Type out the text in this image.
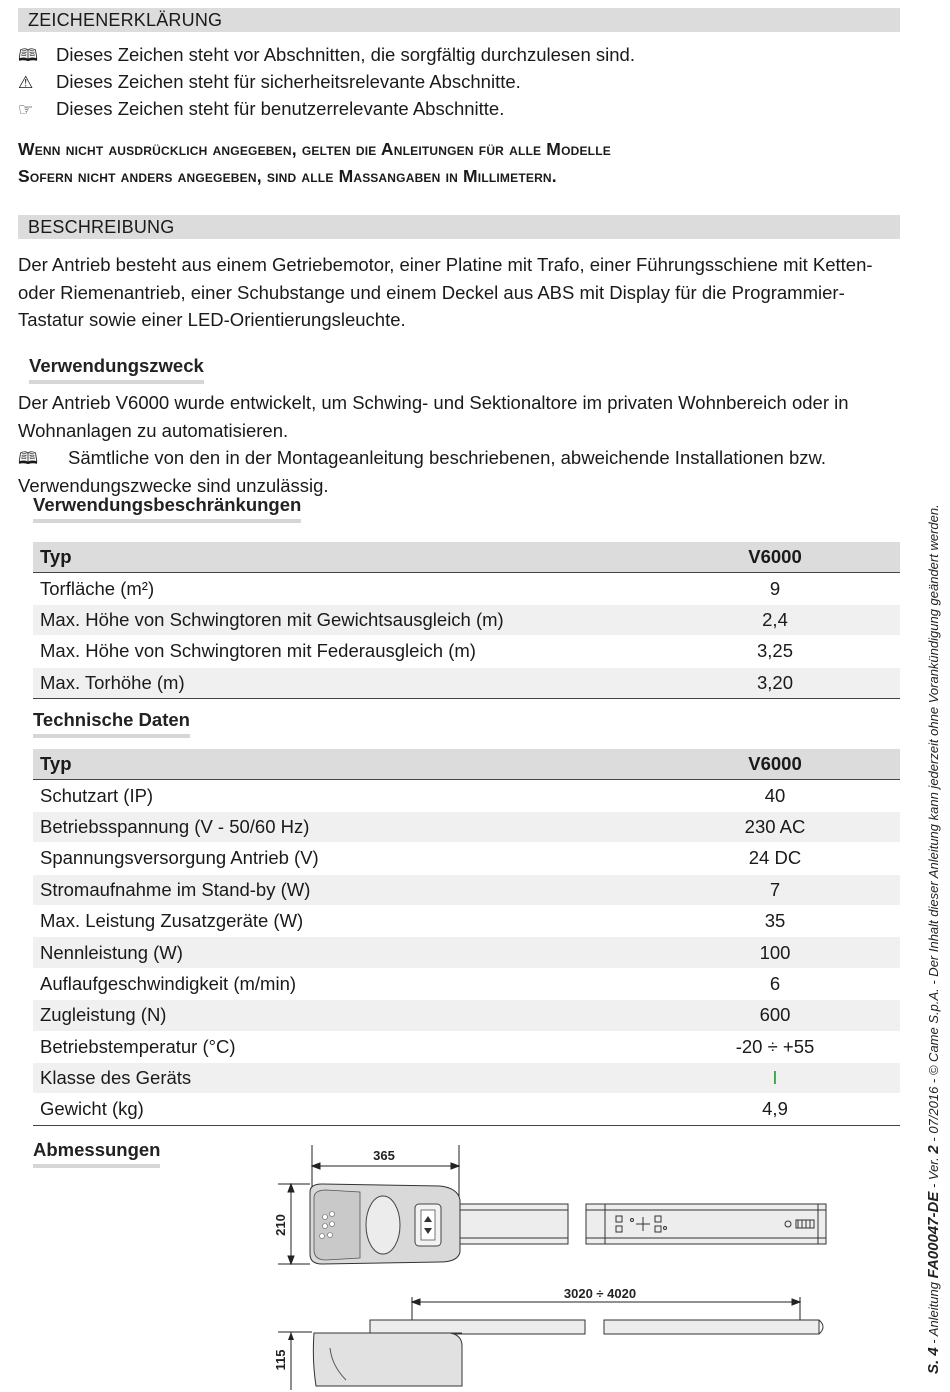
ZEICHENERKLÄRUNG
🕮 Dieses Zeichen steht vor Abschnitten, die sorgfältig durchzulesen sind.
⚠ Dieses Zeichen steht für sicherheitsrelevante Abschnitte.
☞ Dieses Zeichen steht für benutzerrelevante Abschnitte.
Wenn nicht ausdrücklich angegeben, gelten die Anleitungen für alle Modelle
Sofern nicht anders angegeben, sind alle Maßangaben in Millimetern.
BESCHREIBUNG
Der Antrieb besteht aus einem Getriebemotor, einer Platine mit Trafo, einer Führungsschiene mit Ketten- oder Riemenantrieb, einer Schubstange und einem Deckel aus ABS mit Display für die Programmier-Tastatur sowie einer LED-Orientierungsleuchte.
Verwendungszweck
Der Antrieb V6000 wurde entwickelt, um Schwing- und Sektionaltore im privaten Wohnbereich oder in Wohnanlagen zu automatisieren.
🕮 Sämtliche von den in der Montageanleitung beschriebenen, abweichende Installationen bzw. Verwendungszwecke sind unzulässig.
Verwendungsbeschränkungen
Typ	V6000
Torfläche (m²)	9
Max. Höhe von Schwingtoren mit Gewichtsausgleich (m)	2,4
Max. Höhe von Schwingtoren mit Federausgleich (m)	3,25
Max. Torhöhe (m)	3,20
Technische Daten
Typ	V6000
Schutzart (IP)	40
Betriebsspannung (V - 50/60 Hz)	230 AC
Spannungsversorgung Antrieb (V)	24 DC
Stromaufnahme im Stand-by (W)	7
Max. Leistung Zusatzgeräte (W)	35
Nennleistung (W)	100
Auflaufgeschwindigkeit (m/min)	6
Zugleistung (N)	600
Betriebstemperatur (°C)	-20 ÷ +55
Klasse des Geräts	I
Gewicht (kg)	4,9
Abmessungen	365
210
3020 ÷ 4020
115	S. 4 - Anleitung FA00047-DE - Ver. 2 - 07/2016 - © Came S.p.A. - Der Inhalt dieser Anleitung kann jederzeit ohne Vorankündigung geändert werden.
